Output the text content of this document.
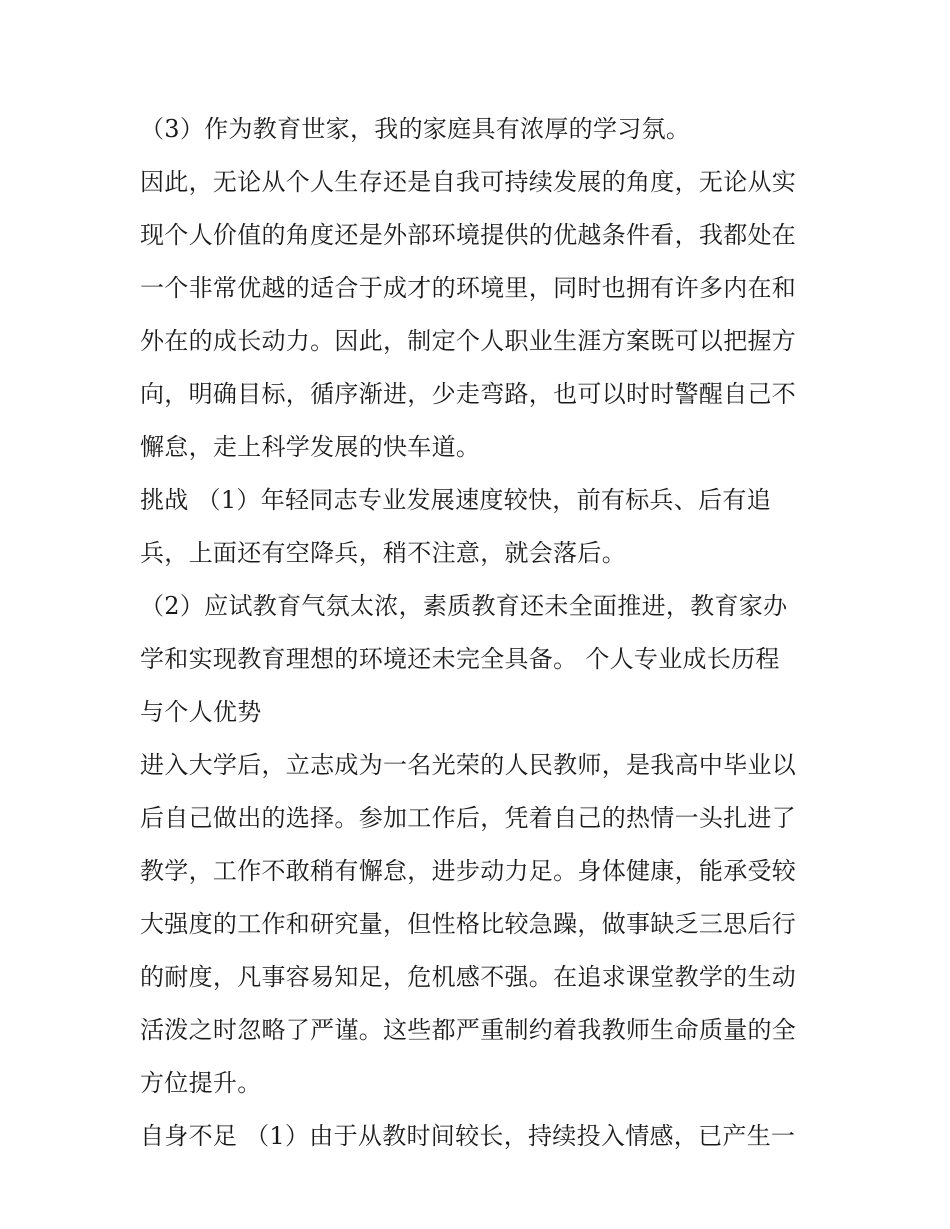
（3）作为教育世家，我的家庭具有浓厚的学习氛。

因此，无论从个人生存还是自我可持续发展的角度，无论从实

现个人价值的角度还是外部环境提供的优越条件看，我都处在

一个非常优越的适合于成才的环境里，同时也拥有许多内在和

外在的成长动力。因此，制定个人职业生涯方案既可以把握方

向，明确目标，循序渐进，少走弯路，也可以时时警醒自己不

懈怠，走上科学发展的快车道。

挑战 （1）年轻同志专业发展速度较快，前有标兵、后有追

兵，上面还有空降兵，稍不注意，就会落后。

（2）应试教育气氛太浓，素质教育还未全面推进，教育家办

学和实现教育理想的环境还未完全具备。 个人专业成长历程

与个人优势

进入大学后，立志成为一名光荣的人民教师，是我高中毕业以

后自己做出的选择。参加工作后，凭着自己的热情一头扎进了

教学，工作不敢稍有懈怠，进步动力足。身体健康，能承受较

大强度的工作和研究量，但性格比较急躁，做事缺乏三思后行

的耐度，凡事容易知足，危机感不强。在追求课堂教学的生动

活泼之时忽略了严谨。这些都严重制约着我教师生命质量的全

方位提升。

自身不足 （1）由于从教时间较长，持续投入情感，已产生一
